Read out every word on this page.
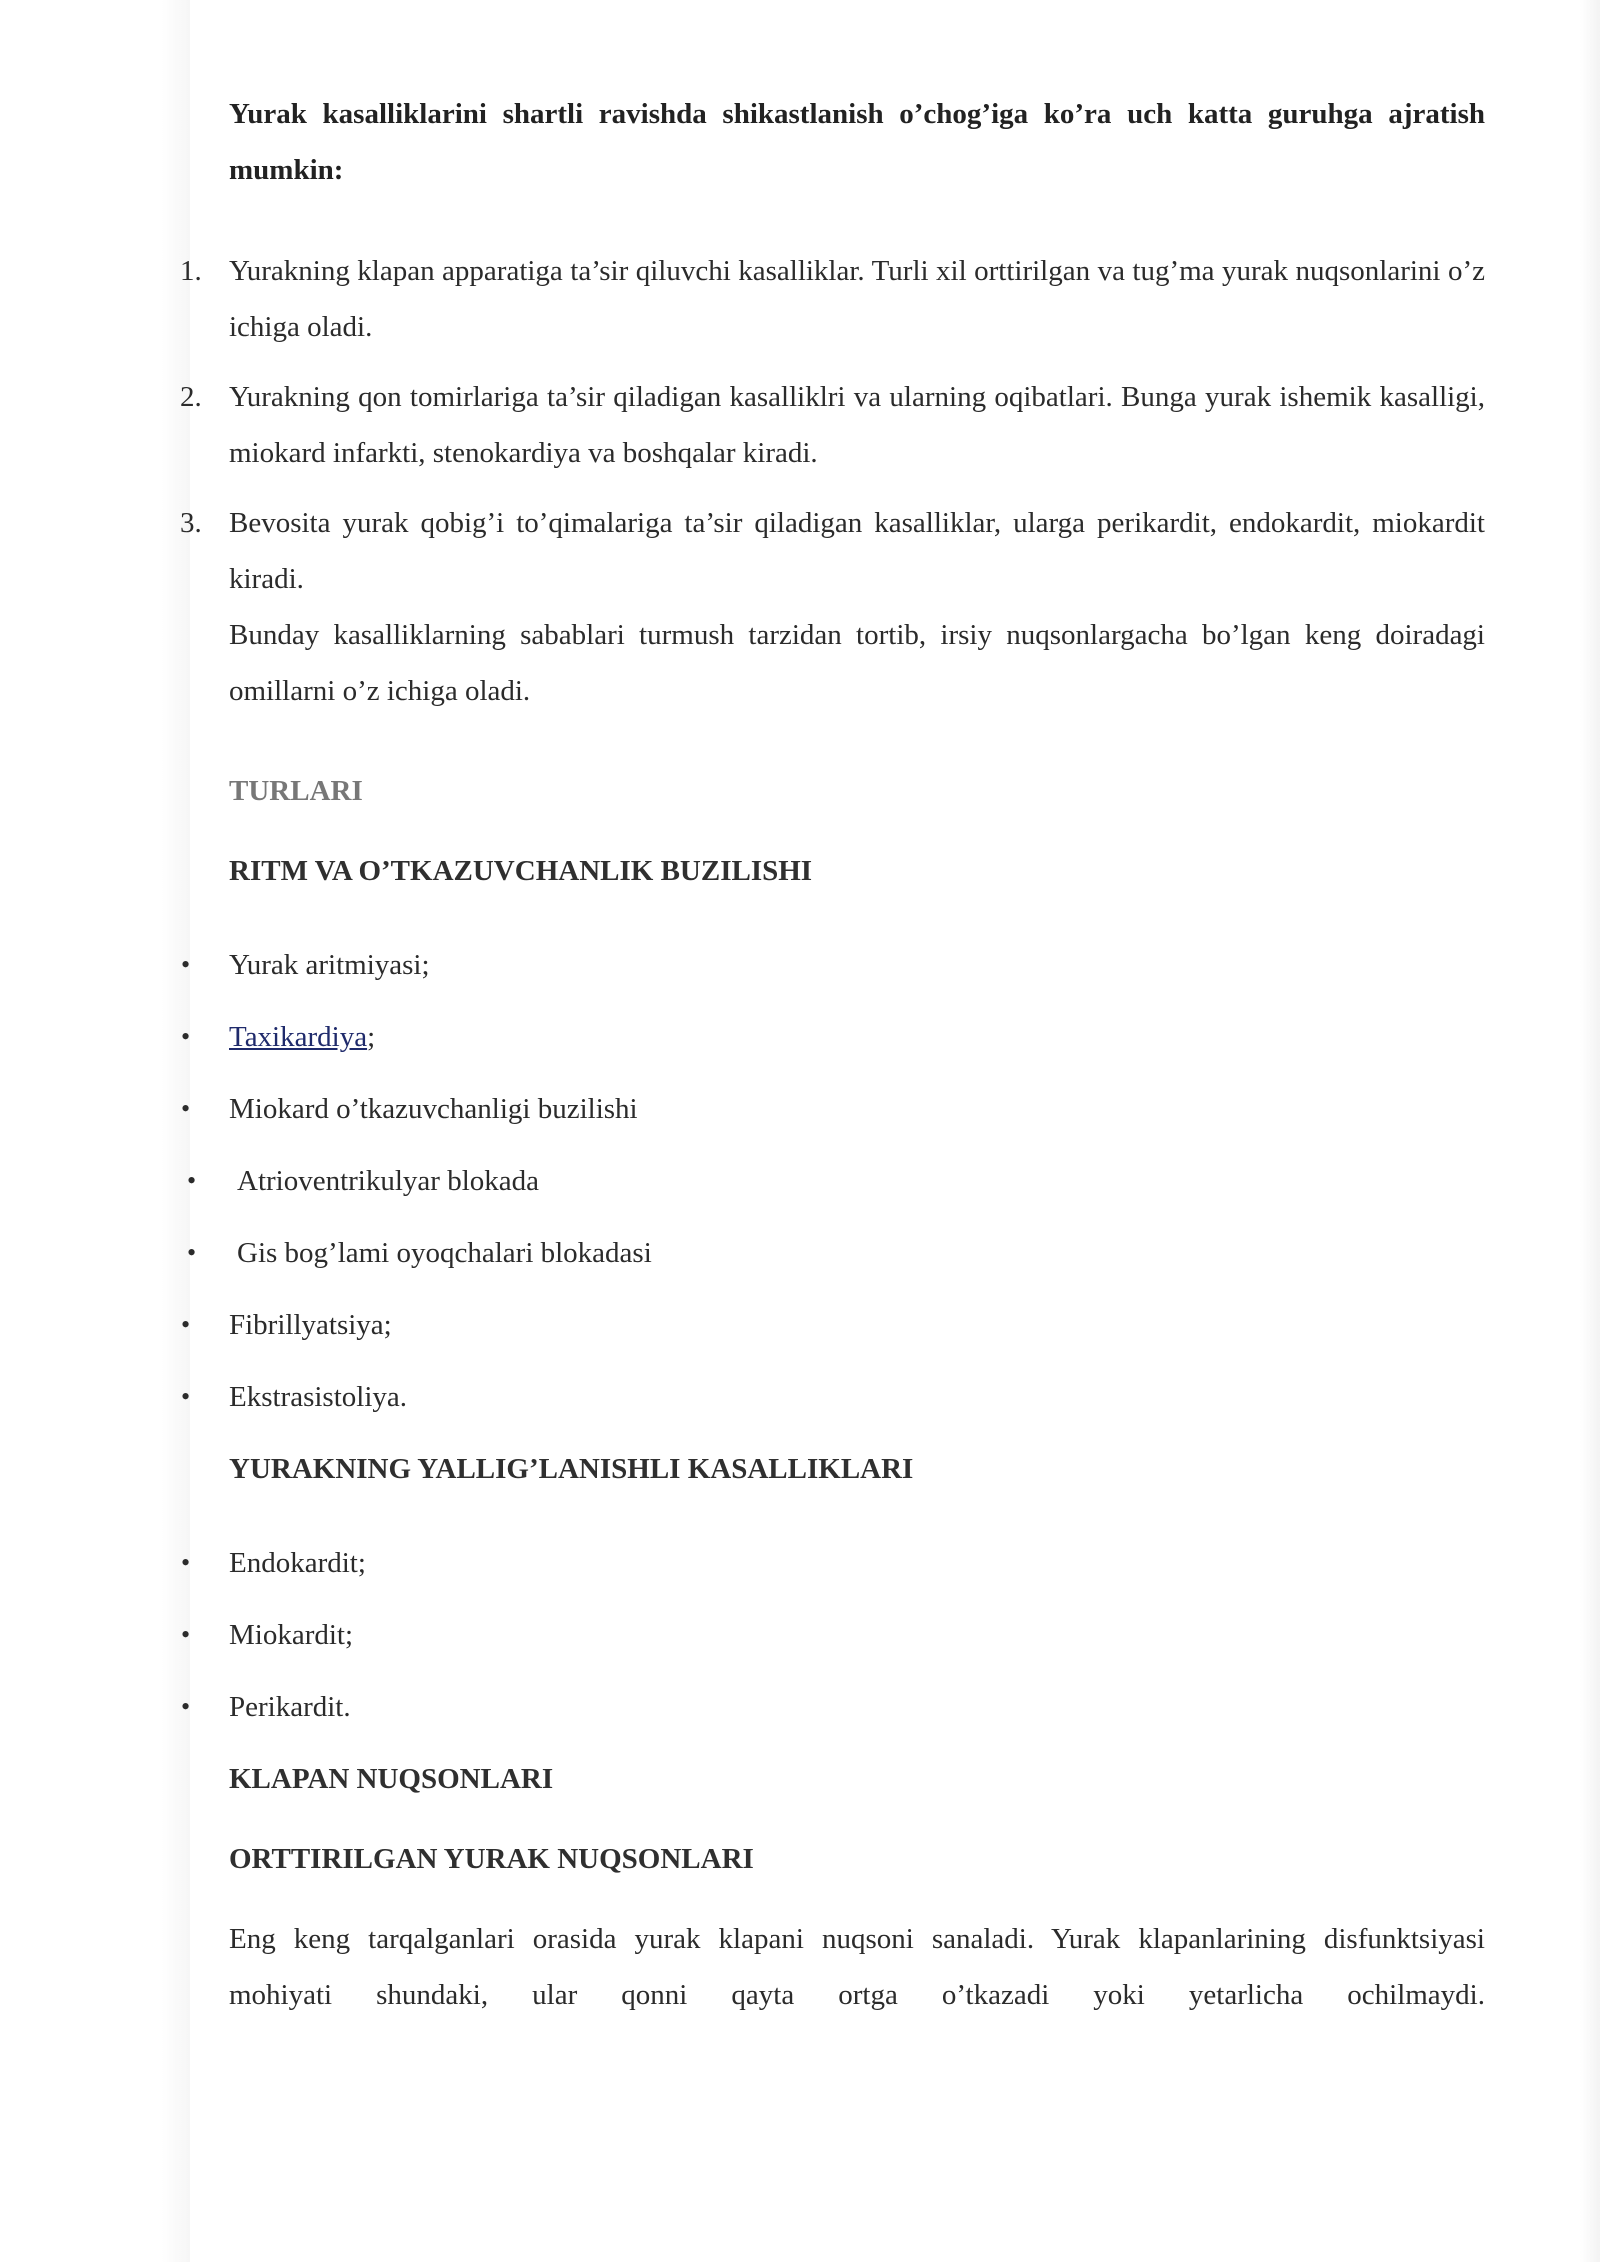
Yurak kasalliklarini shartli ravishda shikastlanish o’chog’iga ko’ra uch katta guruhga ajratish mumkin:

1. Yurakning klapan apparatiga ta’sir qiluvchi kasalliklar. Turli xil orttirilgan va tug’ma yurak nuqsonlarini o’z ichiga oladi.
2. Yurakning qon tomirlariga ta’sir qiladigan kasalliklri va ularning oqibatlari. Bunga yurak ishemik kasalligi, miokard infarkti, stenokardiya va boshqalar kiradi.
3. Bevosita yurak qobig’i to’qimalariga ta’sir qiladigan kasalliklar, ularga perikardit, endokardit, miokardit kiradi.

Bunday kasalliklarning sabablari turmush tarzidan tortib, irsiy nuqsonlargacha bo’lgan keng doiradagi omillarni o’z ichiga oladi.

TURLARI

RITM VA O’TKAZUVCHANLIK BUZILISHI

• Yurak aritmiyasi;
• Taxikardiya;
• Miokard o’tkazuvchanligi buzilishi
• Atrioventrikulyar blokada
• Gis bog’lami oyoqchalari blokadasi
• Fibrillyatsiya;
• Ekstrasistoliya.

YURAKNING YALLIG’LANISHLI KASALLIKLARI

• Endokardit;
• Miokardit;
• Perikardit.

KLAPAN NUQSONLARI

ORTTIRILGAN YURAK NUQSONLARI

Eng keng tarqalganlari orasida yurak klapani nuqsoni sanaladi. Yurak klapanlarining disfunktsiyasi mohiyati shundaki, ular qonni qayta ortga o’tkazadi yoki yetarlicha ochilmaydi.
